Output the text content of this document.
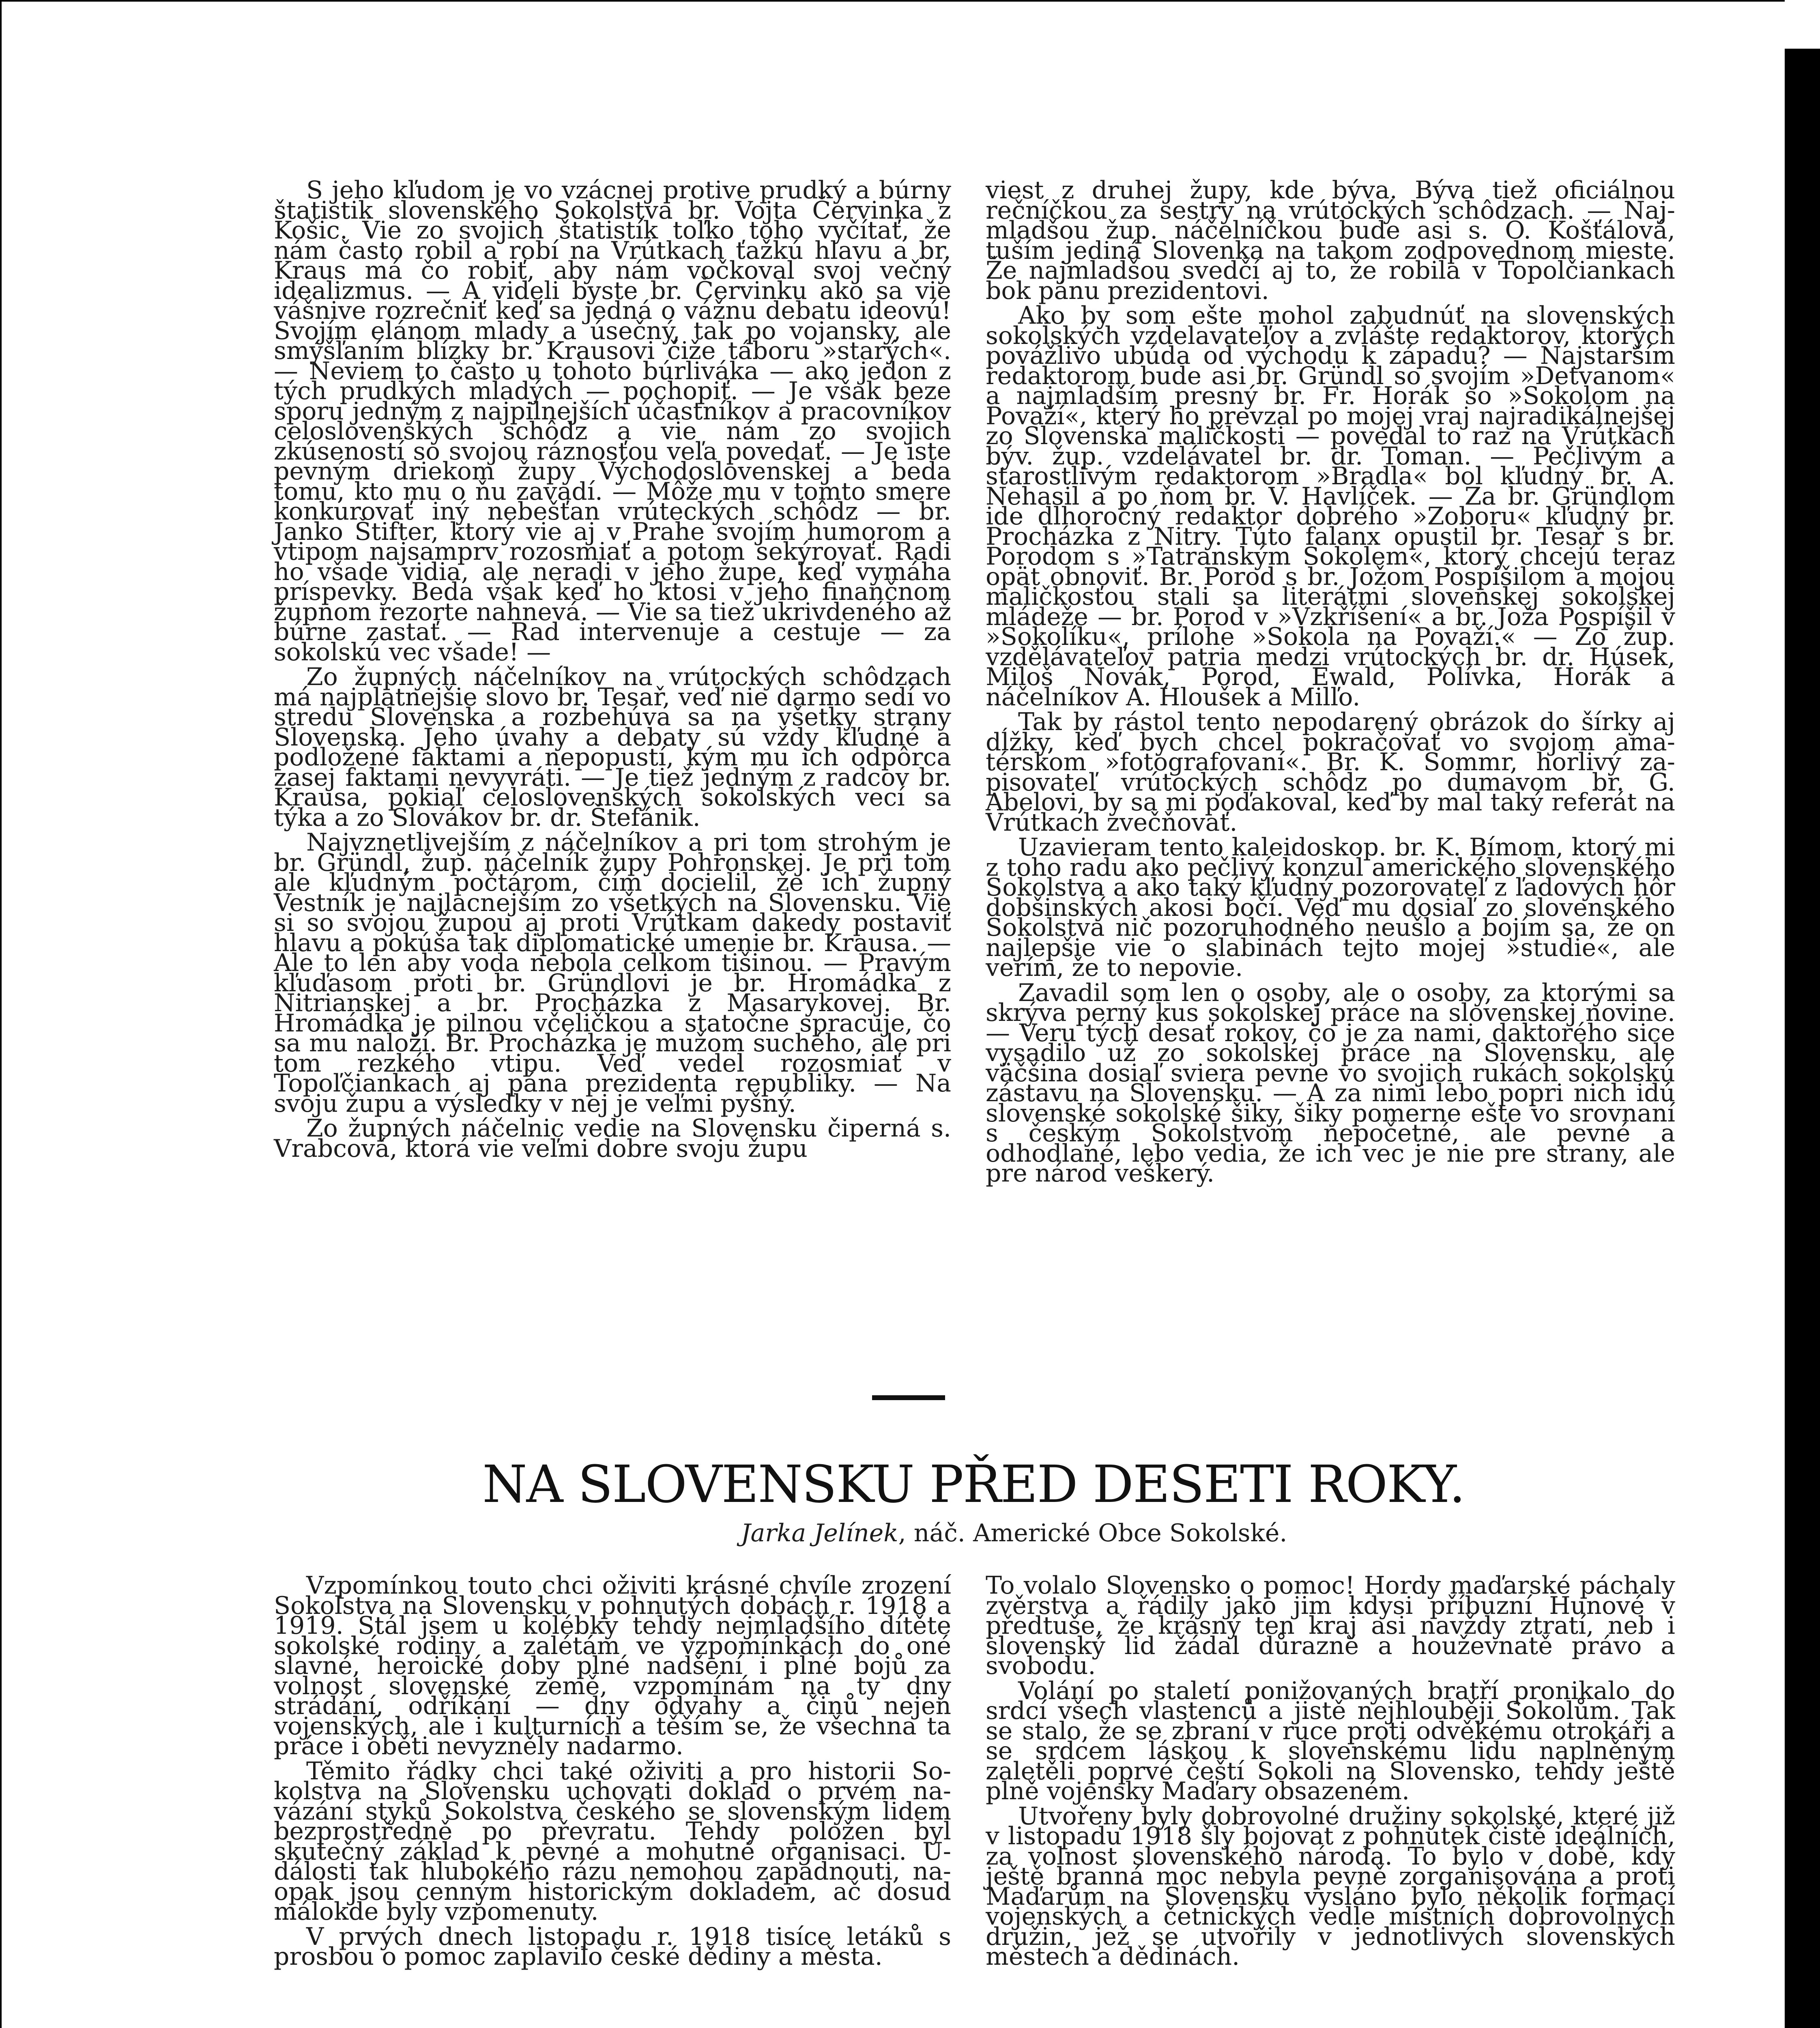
S jeho kľudom je vo vzácnej protive prudký a búrny štatistik slovenského Sokolstva br. Vojta Červinka z Košic. Vie zo svojich štatistík toľko toho vyčítať, že nám často robil a robí na Vrútkach ťažkú hlavu a br. Kraus má čo robiť, aby nám vočkoval svoj večný idealizmus. — A videli byste br. Červinku ako sa vie vášnive rozrečniť keď sa jedná o vážnu debatu ideovú! Svojím elánom mlady a úsečný, tak po vojansky, ale smýšľaním blízky br. Krausovi čiže táboru »starých«. — Neviem to často u tohoto búrliváka — ako jedon z tých prudkých mladých — pochopiť. — Je však beze sporu jedným z najpilnejších účastníkov a pracovníkov celoslovenských schôdz a vie nám zo svojich zkúseností so svojou ráznosťou veľa povedať. — Je iste pevným driekom župy Východoslovenskej a beda tomu, kto mu o ňu zavadí. — Môže mu v tomto smere konkurovať iný nebešťan vrúteckých schôdz — br. Janko Štifter, ktorý vie aj v Prahe svojím humorom a vtipom najsamprv rozosmiať a potom sekýrovať. Radi ho všade vidia, ale neradi v jeho župe, keď vymáha príspevky. Beda však keď ho ktosi v jeho finančnom župnom rezorte nahnevá. — Vie sa tiež ukrivdeného až búrne zastať. — Rad intervenuje a cestuje — za sokolskú vec všade! —

Zo župných náčelníkov na vrútockých schôdzach má najplatnejšie slovo br. Tesař, veď nie darmo sedí vo stredu Slovenska a rozbehúva sa na všetky strany Slovenska. Jeho úvahy a debaty sú vždy kľudné a podložené faktami a nepopustí, kým mu ich odpôrca zasej faktami nevyvráti. — Je tiež jedným z radcov br. Krausa, pokiaľ celoslovenských sokolských vecí sa týka a zo Slovákov br. dr. Štefánik.

Najvznetlivejším z náčelníkov a pri tom strohým je br. Gründl, žup. náčelník župy Pohronskej. Je pri tom ale kľudným počtárom, čím docielil, že ich župný Vestník je najlacnejším zo všetkých na Slovensku. Vie si so svojou župou aj proti Vrútkam dakedy postaviť hlavu a pokúša tak diplomatické umenie br. Krausa. — Ale to len aby voda nebola celkom tišinou. — Pravým kľuďasom proti br. Gründlovi je br. Hromádka z Nitrianskej a br. Procházka z Masarykovej. Br. Hromádka je pilnou včeličkou a statočne spracuje, čo sa mu naloží. Br. Procházka je mužom suchého, ale pri tom rezkého vtipu. Veď vedel rozosmiať v Topoľčiankach aj pána prezidenta republiky. — Na svoju župu a výsledky v nej je veľmi pyšný.

Zo župných náčelnic vedie na Slovensku čiperná s. Vrabcová, ktorá vie veľmi dobre svoju župu

viest z druhej župy, kde býva. Býva tiež oficiálnou rečníčkou za sestry na vrútockých schôdzach. — Najmladšou žup. náčelníčkou bude asi s. O. Košťálová, tuším jediná Slovenka na takom zodpovednom mieste. Že najmladšou svedčí aj to, že robila v Topolčiankach bok pánu prezidentovi.

Ako by som ešte mohol zabudnúť na slovenských sokolských vzdelavateľov a zvlášte redaktorov, ktorých povážlivo ubúda od východu k západu? — Najstarším redaktorom bude asi br. Gründl so svojím »Detvanom« a najmladším presný br. Fr. Horák so »Sokolom na Považí«, který ho prevzal po mojej vraj najradikálnejšej zo Slovenska maličkosti — povedal to raz na Vrútkach býv. žup. vzdelávatel br. dr. Toman. — Pečlivým a starostlivým redaktorom »Bradla« bol kľudný br. A. Nehasil a po ňom br. V. Havlíček. — Za br. Gründlom ide dlhoročný redaktor dobrého »Zoboru« kľudný br. Procházka z Nitry. Túto falanx opustil br. Tesař s br. Porodom s »Tatranským Sokolem«, ktorý chcejú teraz opät obnoviť. Br. Porod s br. Jožom Pospíšilom a mojou maličkosťou stali sa literátmi slovenskej sokolskej mládeže — br. Porod v »Vzkříšení« a br. Joža Pospíšil v »Sokolíku«, prílohe »Sokola na Považí.« — Zo žup. vzdělávateľov patria medzi vrútockých br. dr. Húsek, Miloš Novák, Porod, Ewald, Polívka, Horák a náčelníkov A. Hloušek a Milľo.

Tak by rástol tento nepodarený obrázok do šírky aj dĺžky, keď bych chcel pokračovať vo svojom amatérskom »fotografovaní«. Br. K. Sommr, horlivý zapisovateľ vrútockých schôdz po dumavom br. G. Abelovi, by sa mi poďakoval, keď by mal taký referát na Vrútkach zvečňovať.

Uzavieram tento kaleidoskop. br. K. Bímom, ktorý mi z toho radu ako pečlivý konzul amerického slovenského Sokolstva a ako taký kľudný pozorovateľ z ľadových hôr dobšinských akosi bočí. Veď mu dosiaľ zo slovenského Sokolstva nič pozoruhodného neušlo a bojím sa, že on najlepšie vie o slabinách tejto mojej »studie«, ale verím, že to nepovie.

Zavadil som len o osoby, ale o osoby, za ktorými sa skrýva perný kus sokolskej práce na slovenskej novine. — Veru tých desať rokov, čo je za nami, daktorého sice vysadilo už zo sokolskej práce na Slovensku, ale väčšina dosiaľ sviera pevne vo svojich rukách sokolskú zástavu na Slovensku. — A za nimi lebo popri nich idú slovenské sokolské šiky, šiky pomerne ešte vo srovnaní s českým Sokolstvom nepočetné, ale pevné a odhodlané, lebo vedia, že ich vec je nie pre strany, ale pre národ veškerý.

NA SLOVENSKU PŘED DESETI ROKY.
Jarka Jelínek, náč. Americké Obce Sokolské.

Vzpomínkou touto chci oživiti krásné chvíle zrození Sokolstva na Slovensku v pohnutých dobách r. 1918 a 1919. Stál jsem u kolébky tehdy nejmladšího dítěte sokolské rodiny a zalétám ve vzpomínkách do oné slavné, heroické doby plné nadšení i plné bojů za volnost slovenské země, vzpomínám na ty dny strádání, odříkání — dny odvahy a činů nejen vojenských, ale i kulturních a těším se, že všechna ta práce i oběti nevyzněly nadarmo.

Těmito řádky chci také oživiti a pro historii Sokolstva na Slovensku uchovati doklad o prvém navázání styků Sokolstva českého se slovenským lidem bezprostředně po převratu. Tehdy položen byl skutečný základ k pevné a mohutné organisaci. Události tak hlubokého rázu nemohou zapadnouti, naopak jsou cenným historickým dokladem, ač dosud málokde byly vzpomenuty.

V prvých dnech listopadu r. 1918 tisíce letáků s prosbou o pomoc zaplavilo české dědiny a města.

To volalo Slovensko o pomoc! Hordy maďarské páchaly zvěrstva a řádily jako jim kdysi příbuzní Hunové v předtuše, že krásný ten kraj asi navždy ztratí, neb i slovenský lid žádal důrazně a houževnatě právo a svobodu.

Volání po staletí ponižovaných bratří pronikalo do srdcí všech vlastenců a jistě nejhlouběji Sokolům. Tak se stalo, že se zbraní v ruce proti odvěkému otrokáři a se srdcem láskou k slovenskému lidu naplněným zaletěli poprvé čeští Sokoli na Slovensko, tehdy ještě plně vojensky Maďary obsazeném.

Utvořeny byly dobrovolné družiny sokolské, které již v listopadu 1918 šly bojovat z pohnutek čistě ideálních, za volnost slovenského národa. To bylo v době, kdy ještě branná moc nebyla pevně zorganisována a proti Maďarům na Slovensku vysláno bylo několik formací vojenských a četnických vedle místních dobrovolných družin, jež se utvořily v jednotlivých slovenských městech a dědinách.
